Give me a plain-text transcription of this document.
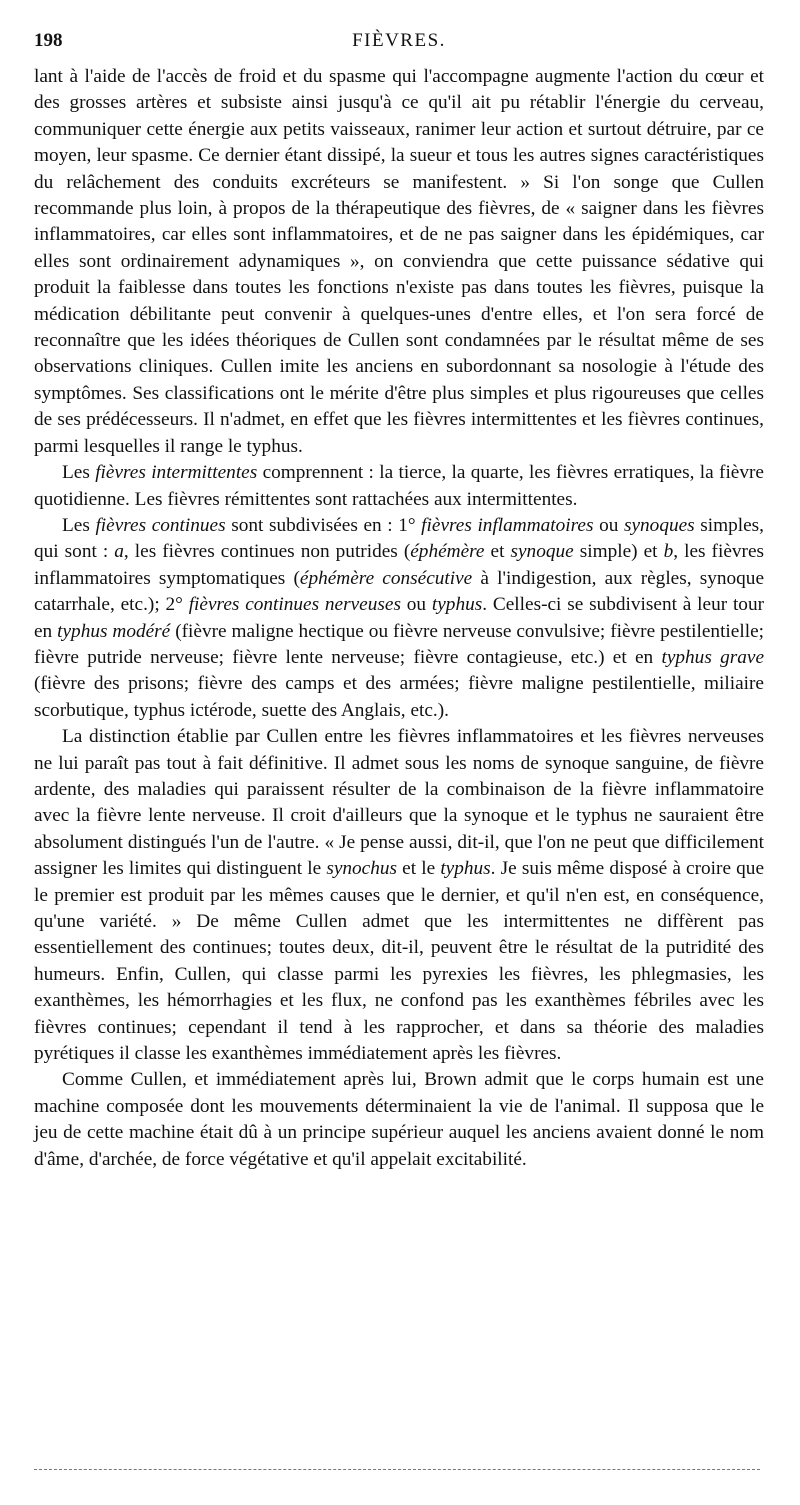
198	FIÈVRES.

lant à l'aide de l'accès de froid et du spasme qui l'accompagne augmente l'action du cœur et des grosses artères et subsiste ainsi jusqu'à ce qu'il ait pu rétablir l'énergie du cerveau, communiquer cette énergie aux petits vaisseaux, ranimer leur action et surtout détruire, par ce moyen, leur spasme. Ce dernier étant dissipé, la sueur et tous les autres signes caractéristiques du relâchement des conduits excréteurs se manifestent. » Si l'on songe que Cullen recommande plus loin, à propos de la thérapeutique des fièvres, de « saigner dans les fièvres inflammatoires, car elles sont inflammatoires, et de ne pas saigner dans les épidémiques, car elles sont ordinairement adynamiques », on conviendra que cette puissance sédative qui produit la faiblesse dans toutes les fonctions n'existe pas dans toutes les fièvres, puisque la médication débilitante peut convenir à quelques-unes d'entre elles, et l'on sera forcé de reconnaître que les idées théoriques de Cullen sont condamnées par le résultat même de ses observations cliniques. Cullen imite les anciens en subordonnant sa nosologie à l'étude des symptômes. Ses classifications ont le mérite d'être plus simples et plus rigoureuses que celles de ses prédécesseurs. Il n'admet, en effet que les fièvres intermittentes et les fièvres continues, parmi lesquelles il range le typhus.

Les fièvres intermittentes comprennent : la tierce, la quarte, les fièvres erratiques, la fièvre quotidienne. Les fièvres rémittentes sont rattachées aux intermittentes.

Les fièvres continues sont subdivisées en : 1° fièvres inflammatoires ou synoques simples, qui sont : a, les fièvres continues non putrides (éphémère et synoque simple) et b, les fièvres inflammatoires symptomatiques (éphémère consécutive à l'indigestion, aux règles, synoque catarrhale, etc.); 2° fièvres continues nerveuses ou typhus. Celles-ci se subdivisent à leur tour en typhus modéré (fièvre maligne hectique ou fièvre nerveuse convulsive; fièvre pestilentielle; fièvre putride nerveuse; fièvre lente nerveuse; fièvre contagieuse, etc.) et en typhus grave (fièvre des prisons; fièvre des camps et des armées; fièvre maligne pestilentielle, miliaire scorbutique, typhus ictérode, suette des Anglais, etc.).

La distinction établie par Cullen entre les fièvres inflammatoires et les fièvres nerveuses ne lui paraît pas tout à fait définitive. Il admet sous les noms de synoque sanguine, de fièvre ardente, des maladies qui paraissent résulter de la combinaison de la fièvre inflammatoire avec la fièvre lente nerveuse. Il croit d'ailleurs que la synoque et le typhus ne sauraient être absolument distingués l'un de l'autre. « Je pense aussi, dit-il, que l'on ne peut que difficilement assigner les limites qui distinguent le synochus et le typhus. Je suis même disposé à croire que le premier est produit par les mêmes causes que le dernier, et qu'il n'en est, en conséquence, qu'une variété. » De même Cullen admet que les intermittentes ne diffèrent pas essentiellement des continues; toutes deux, dit-il, peuvent être le résultat de la putridité des humeurs. Enfin, Cullen, qui classe parmi les pyrexies les fièvres, les phlegmasies, les exanthèmes, les hémorrhagies et les flux, ne confond pas les exanthèmes fébriles avec les fièvres continues; cependant il tend à les rapprocher, et dans sa théorie des maladies pyrétiques il classe les exanthèmes immédiatement après les fièvres.

Comme Cullen, et immédiatement après lui, Brown admit que le corps humain est une machine composée dont les mouvements déterminaient la vie de l'animal. Il supposa que le jeu de cette machine était dû à un principe supérieur auquel les anciens avaient donné le nom d'âme, d'archée, de force végétative et qu'il appelait excitabilité.
